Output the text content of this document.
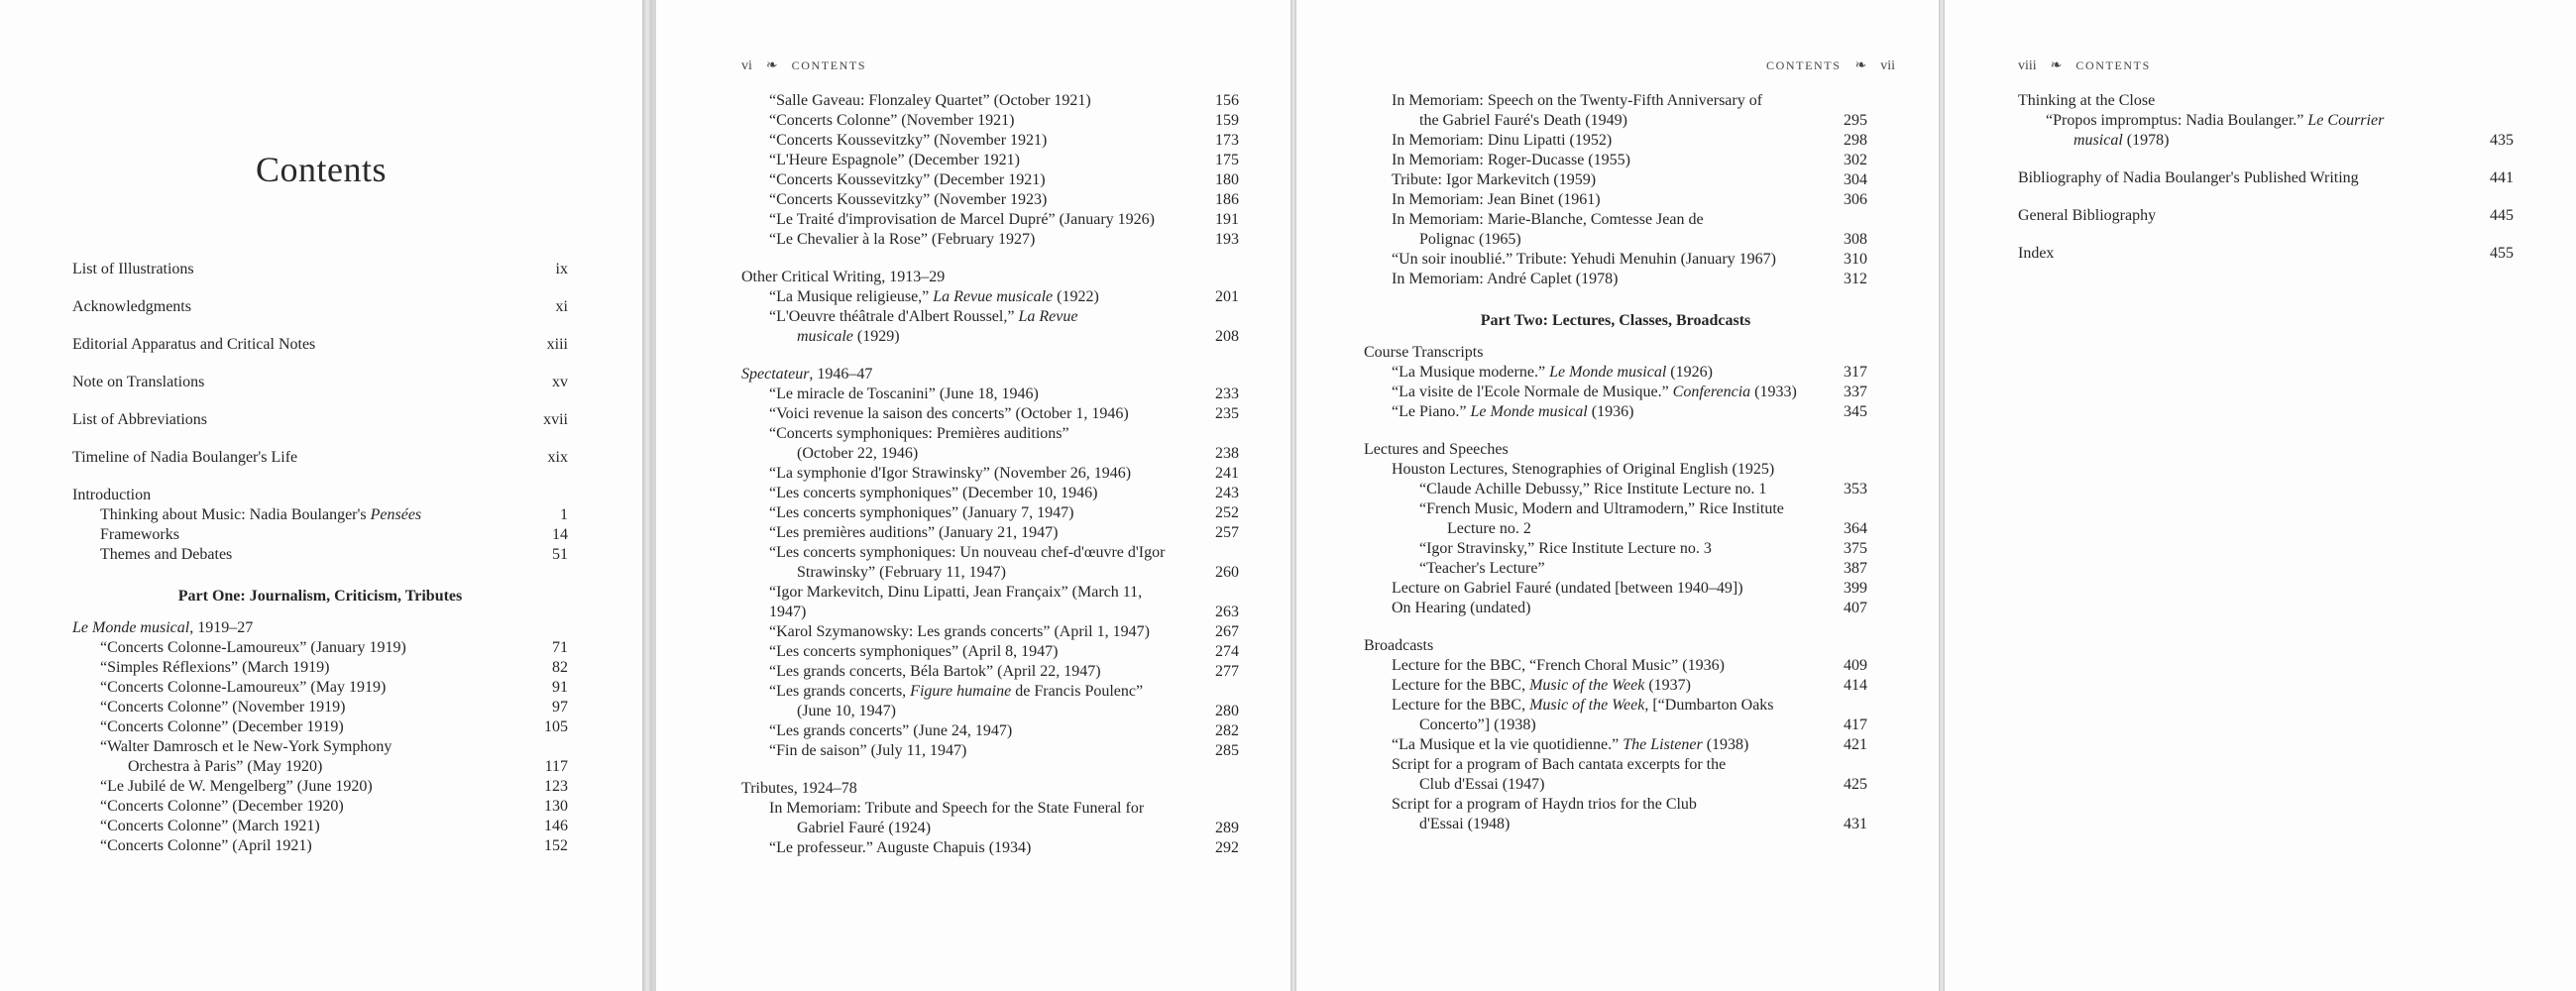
Contents
List of Illustrations	ix
Acknowledgments	xi
Editorial Apparatus and Critical Notes	xiii
Note on Translations	xv
List of Abbreviations	xvii
Timeline of Nadia Boulanger's Life	xix
Introduction
Thinking about Music: Nadia Boulanger's Pensées	1
Frameworks	14
Themes and Debates	51
Part One: Journalism, Criticism, Tributes
Le Monde musical, 1919–27
“Concerts Colonne-Lamoureux” (January 1919)	71
“Simples Réflexions” (March 1919)	82
“Concerts Colonne-Lamoureux” (May 1919)	91
“Concerts Colonne” (November 1919)	97
“Concerts Colonne” (December 1919)	105
“Walter Damrosch et le New-York Symphony
Orchestra à Paris” (May 1920)	117
“Le Jubilé de W. Mengelberg” (June 1920)	123
“Concerts Colonne” (December 1920)	130
“Concerts Colonne” (March 1921)	146
“Concerts Colonne” (April 1921)	152
vi ❧ CONTENTS
“Salle Gaveau: Flonzaley Quartet” (October 1921)	156
“Concerts Colonne” (November 1921)	159
“Concerts Koussevitzky” (November 1921)	173
“L'Heure Espagnole” (December 1921)	175
“Concerts Koussevitzky” (December 1921)	180
“Concerts Koussevitzky” (November 1923)	186
“Le Traité d'improvisation de Marcel Dupré” (January 1926)	191
“Le Chevalier à la Rose” (February 1927)	193
Other Critical Writing, 1913–29
“La Musique religieuse,” La Revue musicale (1922)	201
“L'Oeuvre théâtrale d'Albert Roussel,” La Revue
musicale (1929)	208
Spectateur, 1946–47
“Le miracle de Toscanini” (June 18, 1946)	233
“Voici revenue la saison des concerts” (October 1, 1946)	235
“Concerts symphoniques: Premières auditions”
(October 22, 1946)	238
“La symphonie d'Igor Strawinsky” (November 26, 1946)	241
“Les concerts symphoniques” (December 10, 1946)	243
“Les concerts symphoniques” (January 7, 1947)	252
“Les premières auditions” (January 21, 1947)	257
“Les concerts symphoniques: Un nouveau chef-d'œuvre d'Igor
Strawinsky” (February 11, 1947)	260
“Igor Markevitch, Dinu Lipatti, Jean Françaix” (March 11, 1947)	263
“Karol Szymanowsky: Les grands concerts” (April 1, 1947)	267
“Les concerts symphoniques” (April 8, 1947)	274
“Les grands concerts, Béla Bartok” (April 22, 1947)	277
“Les grands concerts, Figure humaine de Francis Poulenc”
(June 10, 1947)	280
“Les grands concerts” (June 24, 1947)	282
“Fin de saison” (July 11, 1947)	285
Tributes, 1924–78
In Memoriam: Tribute and Speech for the State Funeral for
Gabriel Fauré (1924)	289
“Le professeur.” Auguste Chapuis (1934)	292
CONTENTS ❧ vii
In Memoriam: Speech on the Twenty-Fifth Anniversary of
the Gabriel Fauré's Death (1949)	295
In Memoriam: Dinu Lipatti (1952)	298
In Memoriam: Roger-Ducasse (1955)	302
Tribute: Igor Markevitch (1959)	304
In Memoriam: Jean Binet (1961)	306
In Memoriam: Marie-Blanche, Comtesse Jean de
Polignac (1965)	308
“Un soir inoublié.” Tribute: Yehudi Menuhin (January 1967)	310
In Memoriam: André Caplet (1978)	312
Part Two: Lectures, Classes, Broadcasts
Course Transcripts
“La Musique moderne.” Le Monde musical (1926)	317
“La visite de l'Ecole Normale de Musique.” Conferencia (1933)	337
“Le Piano.” Le Monde musical (1936)	345
Lectures and Speeches
Houston Lectures, Stenographies of Original English (1925)
“Claude Achille Debussy,” Rice Institute Lecture no. 1	353
“French Music, Modern and Ultramodern,” Rice Institute
Lecture no. 2	364
“Igor Stravinsky,” Rice Institute Lecture no. 3	375
“Teacher's Lecture”	387
Lecture on Gabriel Fauré (undated [between 1940–49])	399
On Hearing (undated)	407
Broadcasts
Lecture for the BBC, “French Choral Music” (1936)	409
Lecture for the BBC, Music of the Week (1937)	414
Lecture for the BBC, Music of the Week, [“Dumbarton Oaks
Concerto”] (1938)	417
“La Musique et la vie quotidienne.” The Listener (1938)	421
Script for a program of Bach cantata excerpts for the
Club d'Essai (1947)	425
Script for a program of Haydn trios for the Club
d'Essai (1948)	431
viii ❧ CONTENTS
Thinking at the Close
“Propos impromptus: Nadia Boulanger.” Le Courrier
musical (1978)	435
Bibliography of Nadia Boulanger's Published Writing	441
General Bibliography	445
Index	455
